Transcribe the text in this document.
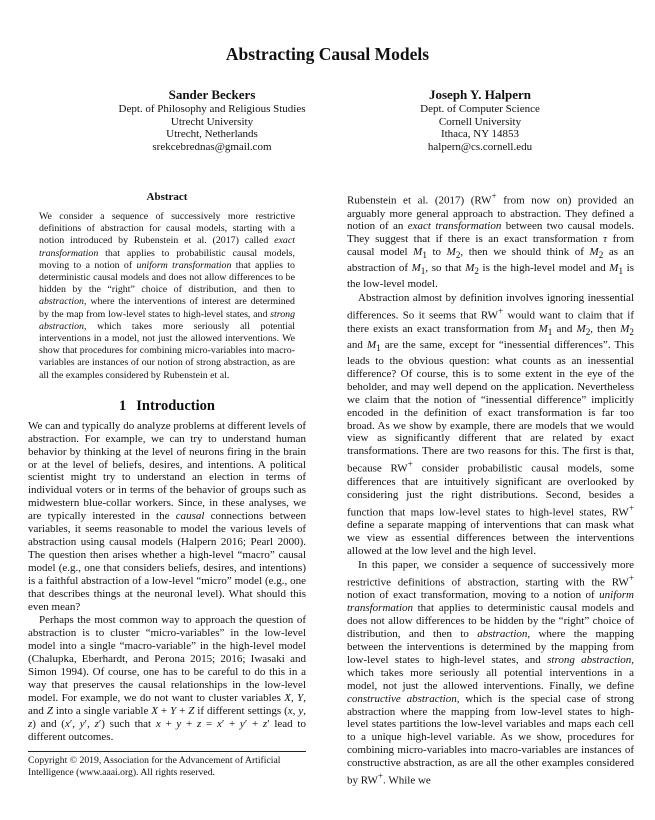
Abstracting Causal Models
Sander Beckers
Dept. of Philosophy and Religious Studies
Utrecht University
Utrecht, Netherlands
srekcebrednas@gmail.com
Joseph Y. Halpern
Dept. of Computer Science
Cornell University
Ithaca, NY 14853
halpern@cs.cornell.edu
Abstract
We consider a sequence of successively more restrictive definitions of abstraction for causal models, starting with a notion introduced by Rubenstein et al. (2017) called exact transformation that applies to probabilistic causal models, moving to a notion of uniform transformation that applies to deterministic causal models and does not allow differences to be hidden by the “right” choice of distribution, and then to abstraction, where the interventions of interest are determined by the map from low-level states to high-level states, and strong abstraction, which takes more seriously all potential interventions in a model, not just the allowed interventions. We show that procedures for combining micro-variables into macro-variables are instances of our notion of strong abstraction, as are all the examples considered by Rubenstein et al.
1 Introduction

We can and typically do analyze problems at different levels of abstraction. For example, we can try to understand human behavior by thinking at the level of neurons firing in the brain or at the level of beliefs, desires, and intentions. A political scientist might try to understand an election in terms of individual voters or in terms of the behavior of groups such as midwestern blue-collar workers. Since, in these analyses, we are typically interested in the causal connections between variables, it seems reasonable to model the various levels of abstraction using causal models (Halpern 2016; Pearl 2000). The question then arises whether a high-level “macro” causal model (e.g., one that considers beliefs, desires, and intentions) is a faithful abstraction of a low-level “micro” model (e.g., one that describes things at the neuronal level). What should this even mean?

Perhaps the most common way to approach the question of abstraction is to cluster “micro-variables” in the low-level model into a single “macro-variable” in the high-level model (Chalupka, Eberhardt, and Perona 2015; 2016; Iwasaki and Simon 1994). Of course, one has to be careful to do this in a way that preserves the causal relationships in the low-level model. For example, we do not want to cluster variables X, Y, and Z into a single variable X + Y + Z if different settings (x, y, z) and (x′, y′, z′) such that x + y + z = x′ + y′ + z′ lead to different outcomes.

Copyright © 2019, Association for the Advancement of Artificial Intelligence (www.aaai.org). All rights reserved.

Rubenstein et al. (2017) (RW+ from now on) provided an arguably more general approach to abstraction. They defined a notion of an exact transformation between two causal models. They suggest that if there is an exact transformation τ from causal model $M_1$ to $M_2$, then we should think of $M_2$ as an abstraction of $M_1$, so that $M_2$ is the high-level model and $M_1$ is the low-level model.

Abstraction almost by definition involves ignoring inessential differences. So it seems that RW+ would want to claim that if there exists an exact transformation from $M_1$ and $M_2$, then $M_2$ and $M_1$ are the same, except for “inessential differences”. This leads to the obvious question: what counts as an inessential difference? Of course, this is to some extent in the eye of the beholder, and may well depend on the application. Nevertheless we claim that the notion of “inessential difference” implicitly encoded in the definition of exact transformation is far too broad. As we show by example, there are models that we would view as significantly different that are related by exact transformations. There are two reasons for this. The first is that, because RW+ consider probabilistic causal models, some differences that are intuitively significant are overlooked by considering just the right distributions. Second, besides a function that maps low-level states to high-level states, RW+ define a separate mapping of interventions that can mask what we view as essential differences between the interventions allowed at the low level and the high level.

In this paper, we consider a sequence of successively more restrictive definitions of abstraction, starting with the RW+ notion of exact transformation, moving to a notion of uniform transformation that applies to deterministic causal models and does not allow differences to be hidden by the “right” choice of distribution, and then to abstraction, where the mapping between the interventions is determined by the mapping from low-level states to high-level states, and strong abstraction, which takes more seriously all potential interventions in a model, not just the allowed interventions. Finally, we define constructive abstraction, which is the special case of strong abstraction where the mapping from low-level states to high-level states partitions the low-level variables and maps each cell to a unique high-level variable. As we show, procedures for combining micro-variables into macro-variables are instances of constructive abstraction, as are all the other examples considered by RW+. While we
